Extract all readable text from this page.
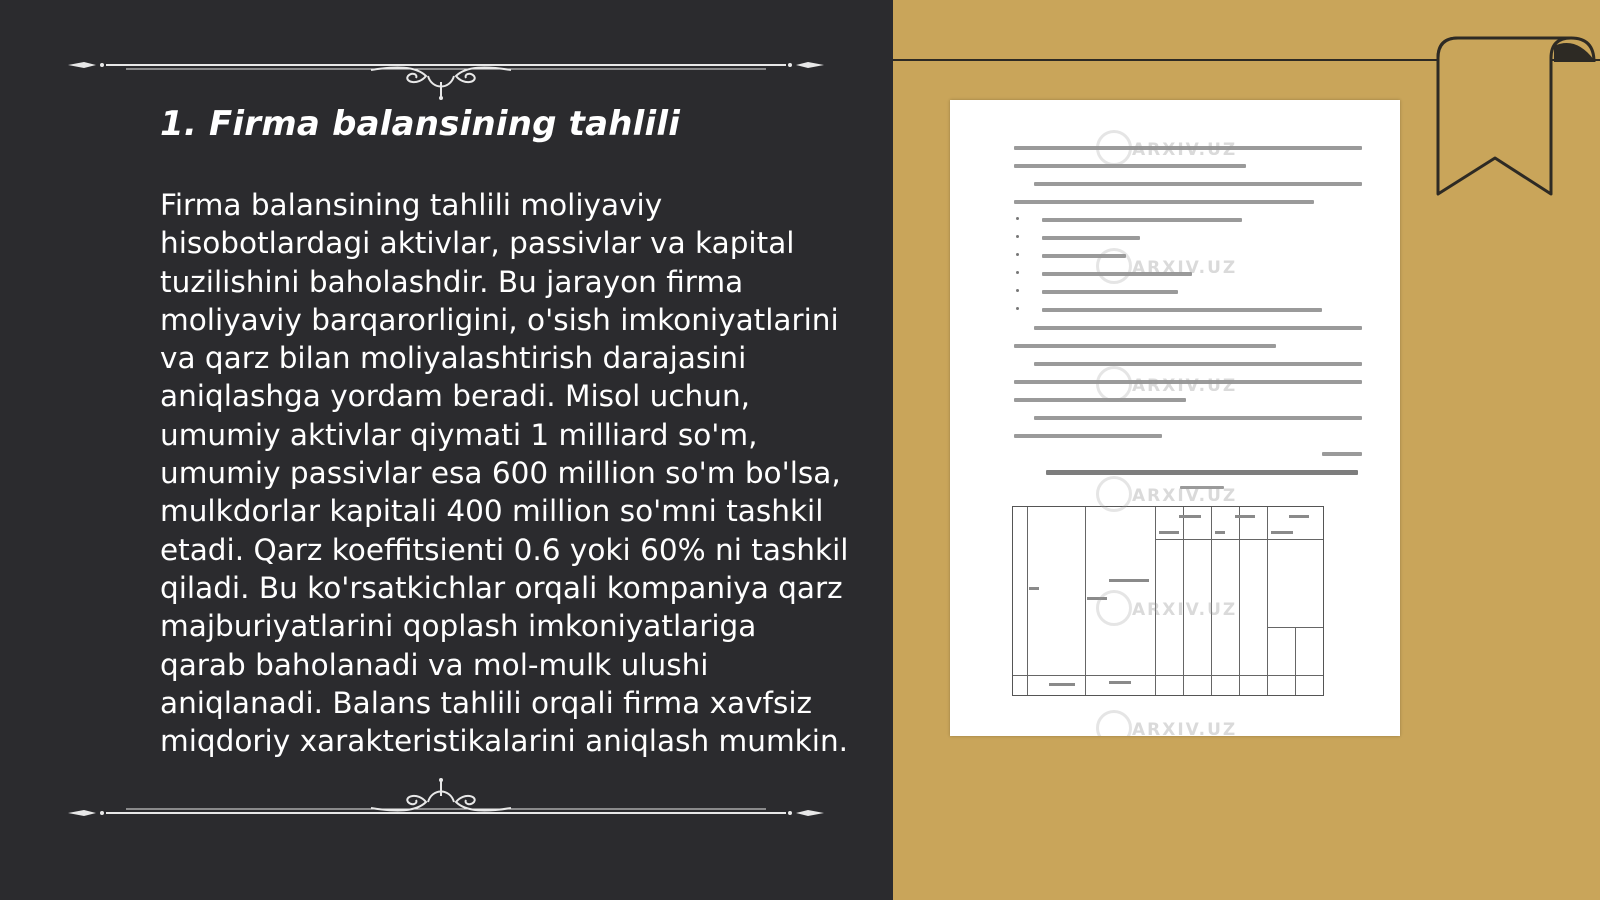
1. Firma balansining tahlili

Firma balansining tahlili moliyaviy hisobotlardagi aktivlar, passivlar va kapital tuzilishini baholashdir. Bu jarayon firma moliyaviy barqarorligini, o'sish imkoniyatlarini va qarz bilan moliyalashtirish darajasini aniqlashga yordam beradi. Misol uchun, umumiy aktivlar qiymati 1 milliard so'm, umumiy passivlar esa 600 million so'm bo'lsa, mulkdorlar kapitali 400 million so'mni tashkil etadi. Qarz koeffitsienti 0.6 yoki 60% ni tashkil qiladi. Bu ko'rsatkichlar orqali kompaniya qarz majburiyatlarini qoplash imkoniyatlariga qarab baholanadi va mol-mulk ulushi aniqlanadi. Balans tahlili orqali firma xavfsiz miqdoriy xarakteristikalarini aniqlash mumkin.

ARXIV.UZ
ARXIV.UZ
ARXIV.UZ
ARXIV.UZ
ARXIV.UZ
ARXIV.UZ
